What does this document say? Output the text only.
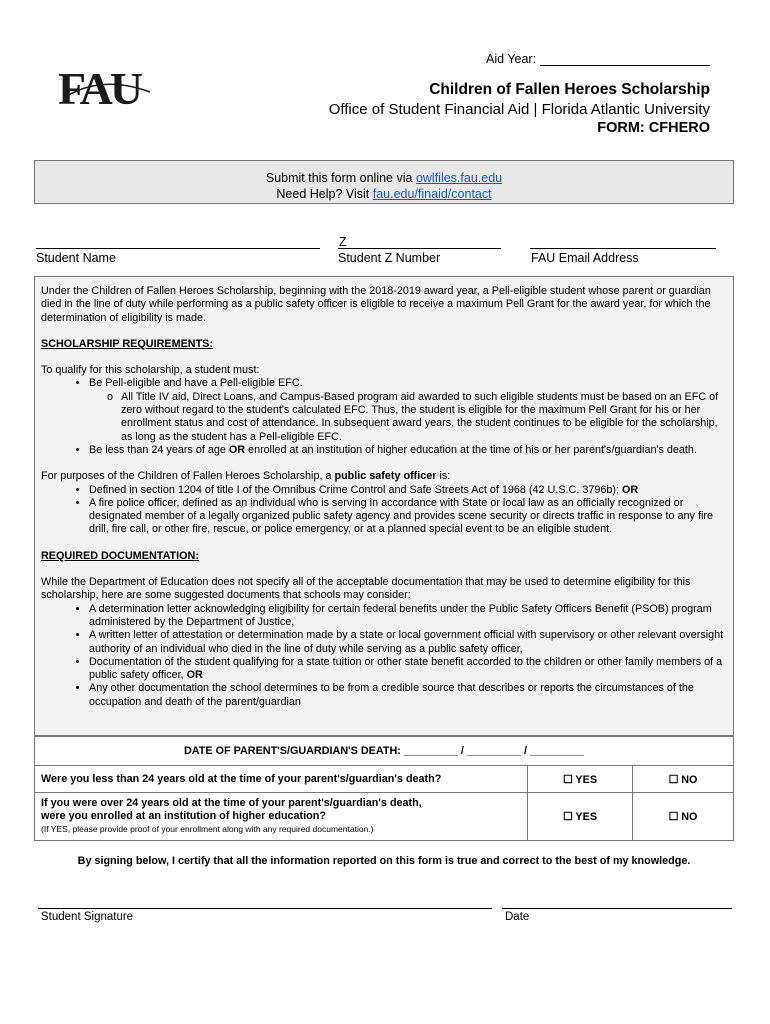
FAU
Aid Year:
Children of Fallen Heroes Scholarship
Office of Student Financial Aid | Florida Atlantic University
FORM: CFHERO
Submit this form online via owlfiles.fau.edu
Need Help? Visit fau.edu/finaid/contact
Student Name
Z
Student Z Number	FAU Email Address

Under the Children of Fallen Heroes Scholarship, beginning with the 2018-2019 award year, a Pell-eligible student whose parent or guardian died in the line of duty while performing as a public safety officer is eligible to receive a maximum Pell Grant for the award year, for which the determination of eligibility is made.

SCHOLARSHIP REQUIREMENTS:

To qualify for this scholarship, a student must:

• Be Pell-eligible and have a Pell-eligible EFC.
o All Title IV aid, Direct Loans, and Campus-Based program aid awarded to such eligible students must be based on an EFC of zero without regard to the student's calculated EFC. Thus, the student is eligible for the maximum Pell Grant for his or her enrollment status and cost of attendance. In subsequent award years, the student continues to be eligible for the scholarship, as long as the student has a Pell-eligible EFC.
• Be less than 24 years of age OR enrolled at an institution of higher education at the time of his or her parent's/guardian's death.

For purposes of the Children of Fallen Heroes Scholarship, a public safety officer is:

• Defined in section 1204 of title I of the Omnibus Crime Control and Safe Streets Act of 1968 (42 U.S.C. 3796b); OR
• A fire police officer, defined as an individual who is serving in accordance with State or local law as an officially recognized or designated member of a legally organized public safety agency and provides scene security or directs traffic in response to any fire drill, fire call, or other fire, rescue, or police emergency, or at a planned special event to be an eligible student.

REQUIRED DOCUMENTATION:

While the Department of Education does not specify all of the acceptable documentation that may be used to determine eligibility for this scholarship, here are some suggested documents that schools may consider:

• A determination letter acknowledging eligibility for certain federal benefits under the Public Safety Officers Benefit (PSOB) program administered by the Department of Justice,
• A written letter of attestation or determination made by a state or local government official with supervisory or other relevant oversight authority of an individual who died in the line of duty while serving as a public safety officer,
• Documentation of the student qualifying for a state tuition or other state benefit accorded to the children or other family members of a public safety officer, OR
• Any other documentation the school determines to be from a credible source that describes or reports the circumstances of the occupation and death of the parent/guardian
DATE OF PARENT'S/GUARDIAN'S DEATH: _________ / _________ / _________		
Were you less than 24 years old at the time of your parent's/guardian's death?	☐ YES	☐ NO

If you were over 24 years old at the time of your parent's/guardian's death,
were you enrolled at an institution of higher education?
(If YES, please provide proof of your enrollment along with any required documentation.)	☐ YES	☐ NO
By signing below, I certify that all the information reported on this form is true and correct to the best of my knowledge.
Student Signature	Date
